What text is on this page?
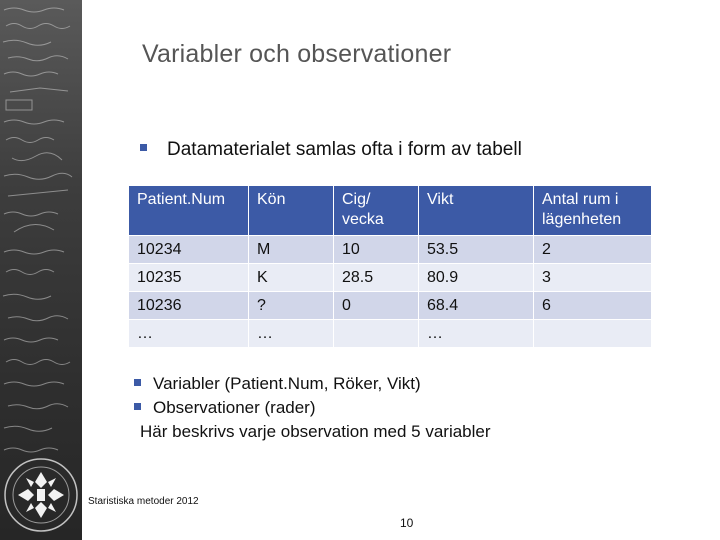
Variabler och observationer
Datamaterialet samlas ofta i form av tabell
Patient.Num	Kön	Cig/ vecka	Vikt	Antal rum i lägenheten
10234	M	10	53.5	2
10235	K	28.5	80.9	3
10236	?	0	68.4	6
…	…		…	
Variabler (Patient.Num, Röker, Vikt)
Observationer (rader)
Här beskrivs varje observation med 5 variabler
Staristiska metoder 2012
10
